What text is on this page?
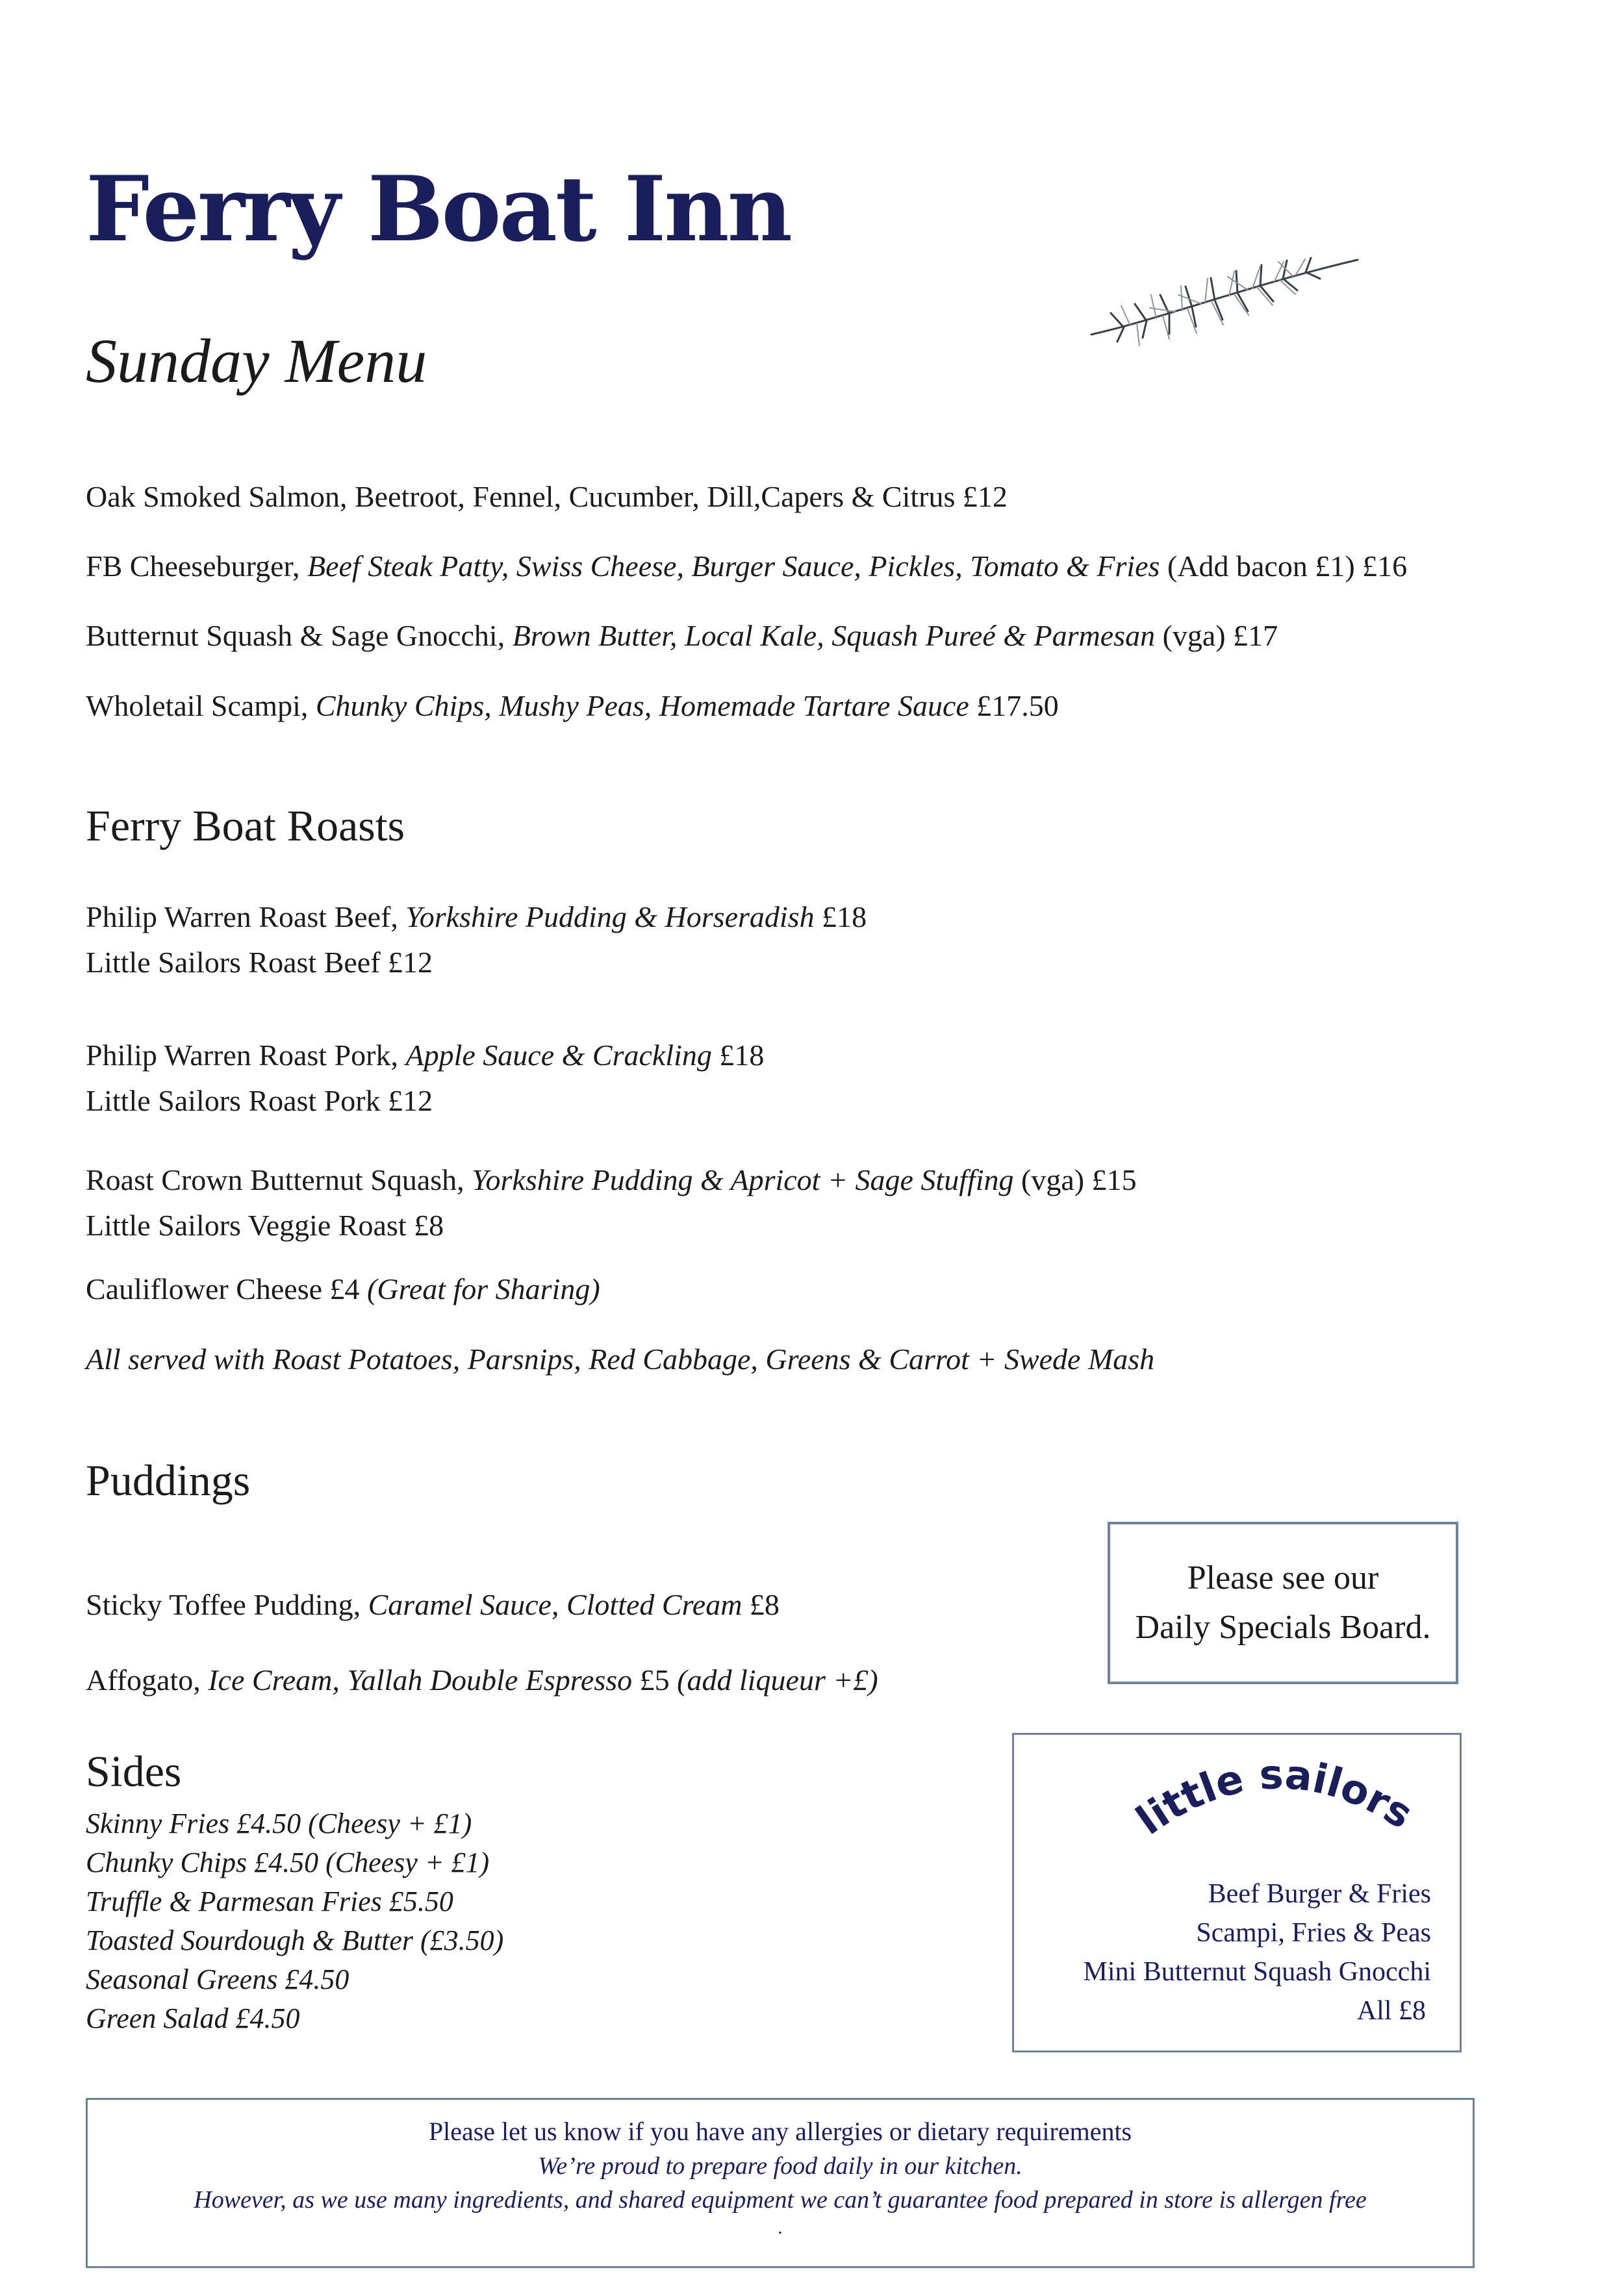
Ferry Boat Inn
Sunday Menu
Oak Smoked Salmon, Beetroot, Fennel, Cucumber, Dill,Capers & Citrus £12
FB Cheeseburger, Beef Steak Patty, Swiss Cheese, Burger Sauce, Pickles, Tomato & Fries (Add bacon £1) £16
Butternut Squash & Sage Gnocchi, Brown Butter, Local Kale, Squash Pureé & Parmesan (vga) £17
Wholetail Scampi, Chunky Chips, Mushy Peas, Homemade Tartare Sauce £17.50
Ferry Boat Roasts
Philip Warren Roast Beef, Yorkshire Pudding & Horseradish £18
Little Sailors Roast Beef £12
Philip Warren Roast Pork, Apple Sauce & Crackling £18
Little Sailors Roast Pork £12
Roast Crown Butternut Squash, Yorkshire Pudding & Apricot + Sage Stuffing (vga) £15
Little Sailors Veggie Roast £8
Cauliflower Cheese £4 (Great for Sharing)
All served with Roast Potatoes, Parsnips, Red Cabbage, Greens & Carrot + Swede Mash
Puddings
Sticky Toffee Pudding, Caramel Sauce, Clotted Cream £8
Affogato, Ice Cream, Yallah Double Espresso £5 (add liqueur +£)
Sides
Skinny Fries £4.50 (Cheesy + £1)
Chunky Chips £4.50 (Cheesy + £1)
Truffle & Parmesan Fries £5.50
Toasted Sourdough & Butter (£3.50)
Seasonal Greens £4.50
Green Salad £4.50
Please see our
Daily Specials Board.
little sailors
Beef Burger & Fries
Scampi, Fries & Peas
Mini Butternut Squash Gnocchi
All £8
Please let us know if you have any allergies or dietary requirements
We’re proud to prepare food daily in our kitchen.
However, as we use many ingredients, and shared equipment we can’t guarantee food prepared in store is allergen free
.
